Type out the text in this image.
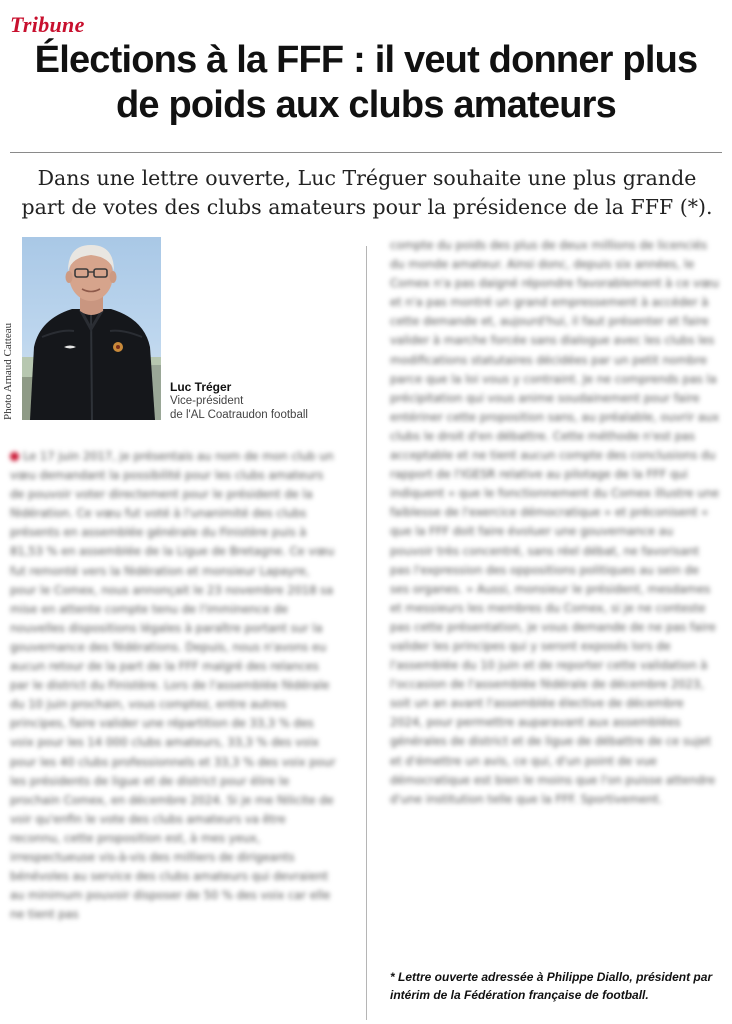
Tribune
Élections à la FFF : il veut donner plus de poids aux clubs amateurs
Dans une lettre ouverte, Luc Tréguer souhaite une plus grande part de votes des clubs amateurs pour la présidence de la FFF (*).
Photo Arnaud Catteau	Luc Tréger
Vice-président
de l'AL Coatraudon football

Le 17 juin 2017, je présentais au nom de mon club un vœu demandant la possibilité pour les clubs amateurs de pouvoir voter directement pour le président de la fédération. Ce vœu fut voté à l'unanimité des clubs présents en assemblée générale du Finistère puis à 81,53 % en assemblée de la Ligue de Bretagne. Ce vœu fut remonté vers la fédération et monsieur Lapayre, pour le Comex, nous annonçait le 23 novembre 2018 sa mise en attente compte tenu de l'imminence de nouvelles dispositions légales à paraître portant sur la gouvernance des fédérations. Depuis, nous n'avons eu aucun retour de la part de la FFF malgré des relances par le district du Finistère. Lors de l'assemblée fédérale du 10 juin prochain, vous comptez, entre autres principes, faire valider une répartition de 33,3 % des voix pour les 14 000 clubs amateurs, 33,3 % des voix pour les 40 clubs professionnels et 33,3 % des voix pour les présidents de ligue et de district pour élire le prochain Comex, en décembre 2024. Si je me félicite de voir qu'enfin le vote des clubs amateurs va être reconnu, cette proposition est, à mes yeux, irrespectueuse vis-à-vis des milliers de dirigeants bénévoles au service des clubs amateurs qui devraient au minimum pouvoir disposer de 50 % des voix car elle ne tient pas

compte du poids des plus de deux millions de licenciés du monde amateur. Ainsi donc, depuis six années, le Comex n'a pas daigné répondre favorablement à ce vœu et n'a pas montré un grand empressement à accéder à cette demande et, aujourd'hui, il faut présenter et faire valider à marche forcée sans dialogue avec les clubs les modifications statutaires décidées par un petit nombre parce que la loi vous y contraint. Je ne comprends pas la précipitation qui vous anime soudainement pour faire entériner cette proposition sans, au préalable, ouvrir aux clubs le droit d'en débattre. Cette méthode n'est pas acceptable et ne tient aucun compte des conclusions du rapport de l'IGESR relative au pilotage de la FFF qui indiquent « que le fonctionnement du Comex illustre une faiblesse de l'exercice démocratique » et préconisent « que la FFF doit faire évoluer une gouvernance au pouvoir très concentré, sans réel débat, ne favorisant pas l'expression des oppositions politiques au sein de ses organes. » Aussi, monsieur le président, mesdames et messieurs les membres du Comex, si je ne conteste pas cette présentation, je vous demande de ne pas faire valider les principes qui y seront exposés lors de l'assemblée du 10 juin et de reporter cette validation à l'occasion de l'assemblée fédérale de décembre 2023, soit un an avant l'assemblée élective de décembre 2024, pour permettre auparavant aux assemblées générales de district et de ligue de débattre de ce sujet et d'émettre un avis, ce qui, d'un point de vue démocratique est bien le moins que l'on puisse attendre d'une institution telle que la FFF. Sportivement.

* Lettre ouverte adressée à Philippe Diallo, président par intérim de la Fédération française de football.
